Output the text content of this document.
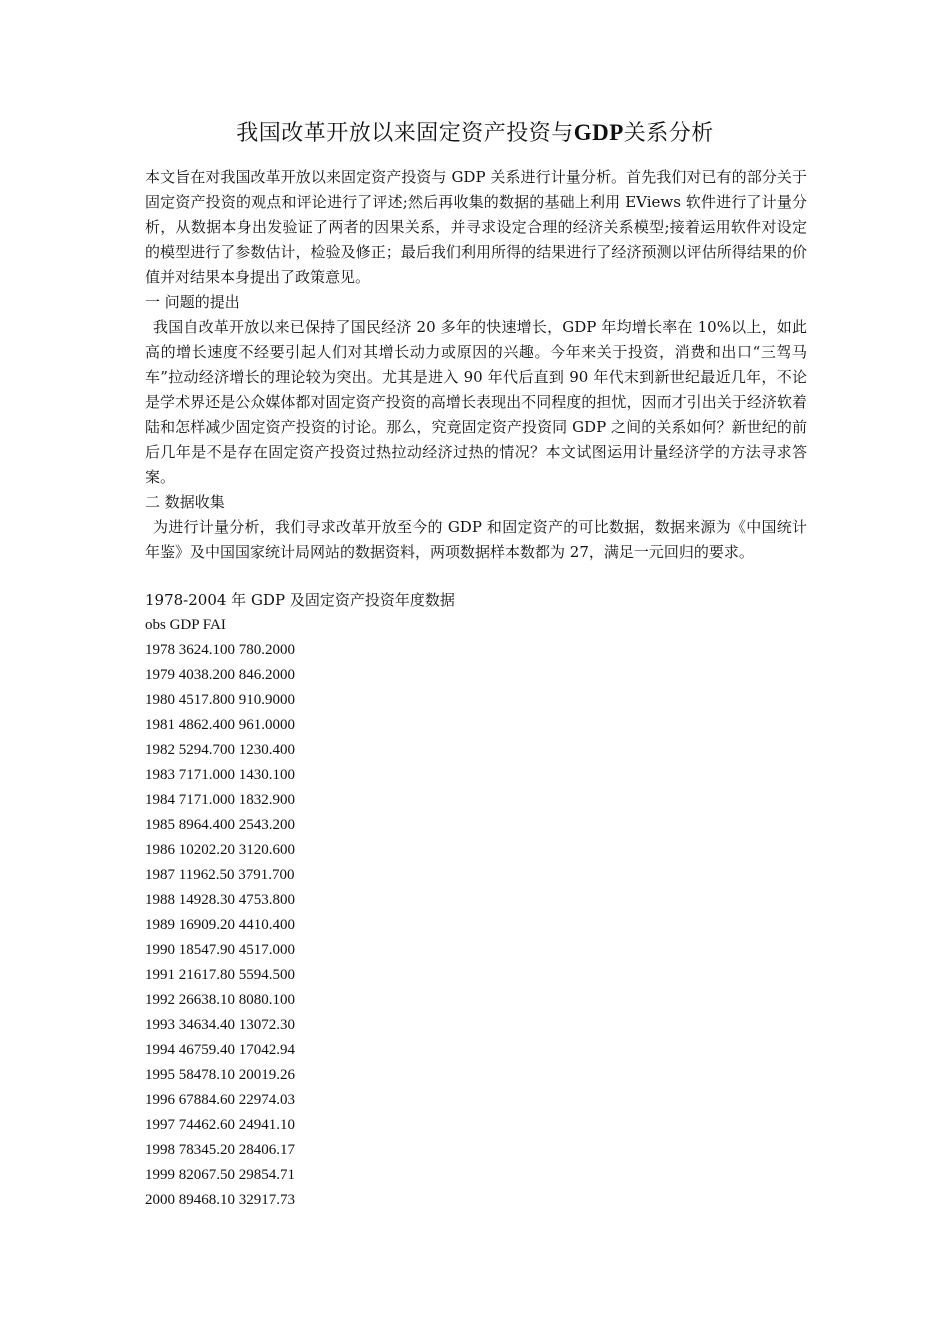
我国改革开放以来固定资产投资与GDP关系分析

本文旨在对我国改革开放以来固定资产投资与 GDP 关系进行计量分析。首先我们对已有的部分关于固定资产投资的观点和评论进行了评述;然后再收集的数据的基础上利用 EViews 软件进行了计量分析，从数据本身出发验证了两者的因果关系，并寻求设定合理的经济关系模型;接着运用软件对设定的模型进行了参数估计，检验及修正；最后我们利用所得的结果进行了经济预测以评估所得结果的价值并对结果本身提出了政策意见。

一 问题的提出

我国自改革开放以来已保持了国民经济 20 多年的快速增长，GDP 年均增长率在 10%以上，如此高的增长速度不经要引起人们对其增长动力或原因的兴趣。今年来关于投资，消费和出口“三驾马车”拉动经济增长的理论较为突出。尤其是进入 90 年代后直到 90 年代末到新世纪最近几年，不论是学术界还是公众媒体都对固定资产投资的高增长表现出不同程度的担忧，因而才引出关于经济软着陆和怎样减少固定资产投资的讨论。那么，究竟固定资产投资同 GDP 之间的关系如何？新世纪的前后几年是不是存在固定资产投资过热拉动经济过热的情况？本文试图运用计量经济学的方法寻求答案。

二 数据收集

为进行计量分析，我们寻求改革开放至今的 GDP 和固定资产的可比数据，数据来源为《中国统计年鉴》及中国国家统计局网站的数据资料，两项数据样本数都为 27，满足一元回归的要求。

1978-2004 年 GDP 及固定资产投资年度数据
obs GDP FAI
1978 3624.100 780.2000
1979 4038.200 846.2000
1980 4517.800 910.9000
1981 4862.400 961.0000
1982 5294.700 1230.400
1983 7171.000 1430.100
1984 7171.000 1832.900
1985 8964.400 2543.200
1986 10202.20 3120.600
1987 11962.50 3791.700
1988 14928.30 4753.800
1989 16909.20 4410.400
1990 18547.90 4517.000
1991 21617.80 5594.500
1992 26638.10 8080.100
1993 34634.40 13072.30
1994 46759.40 17042.94
1995 58478.10 20019.26
1996 67884.60 22974.03
1997 74462.60 24941.10
1998 78345.20 28406.17
1999 82067.50 29854.71
2000 89468.10 32917.73
